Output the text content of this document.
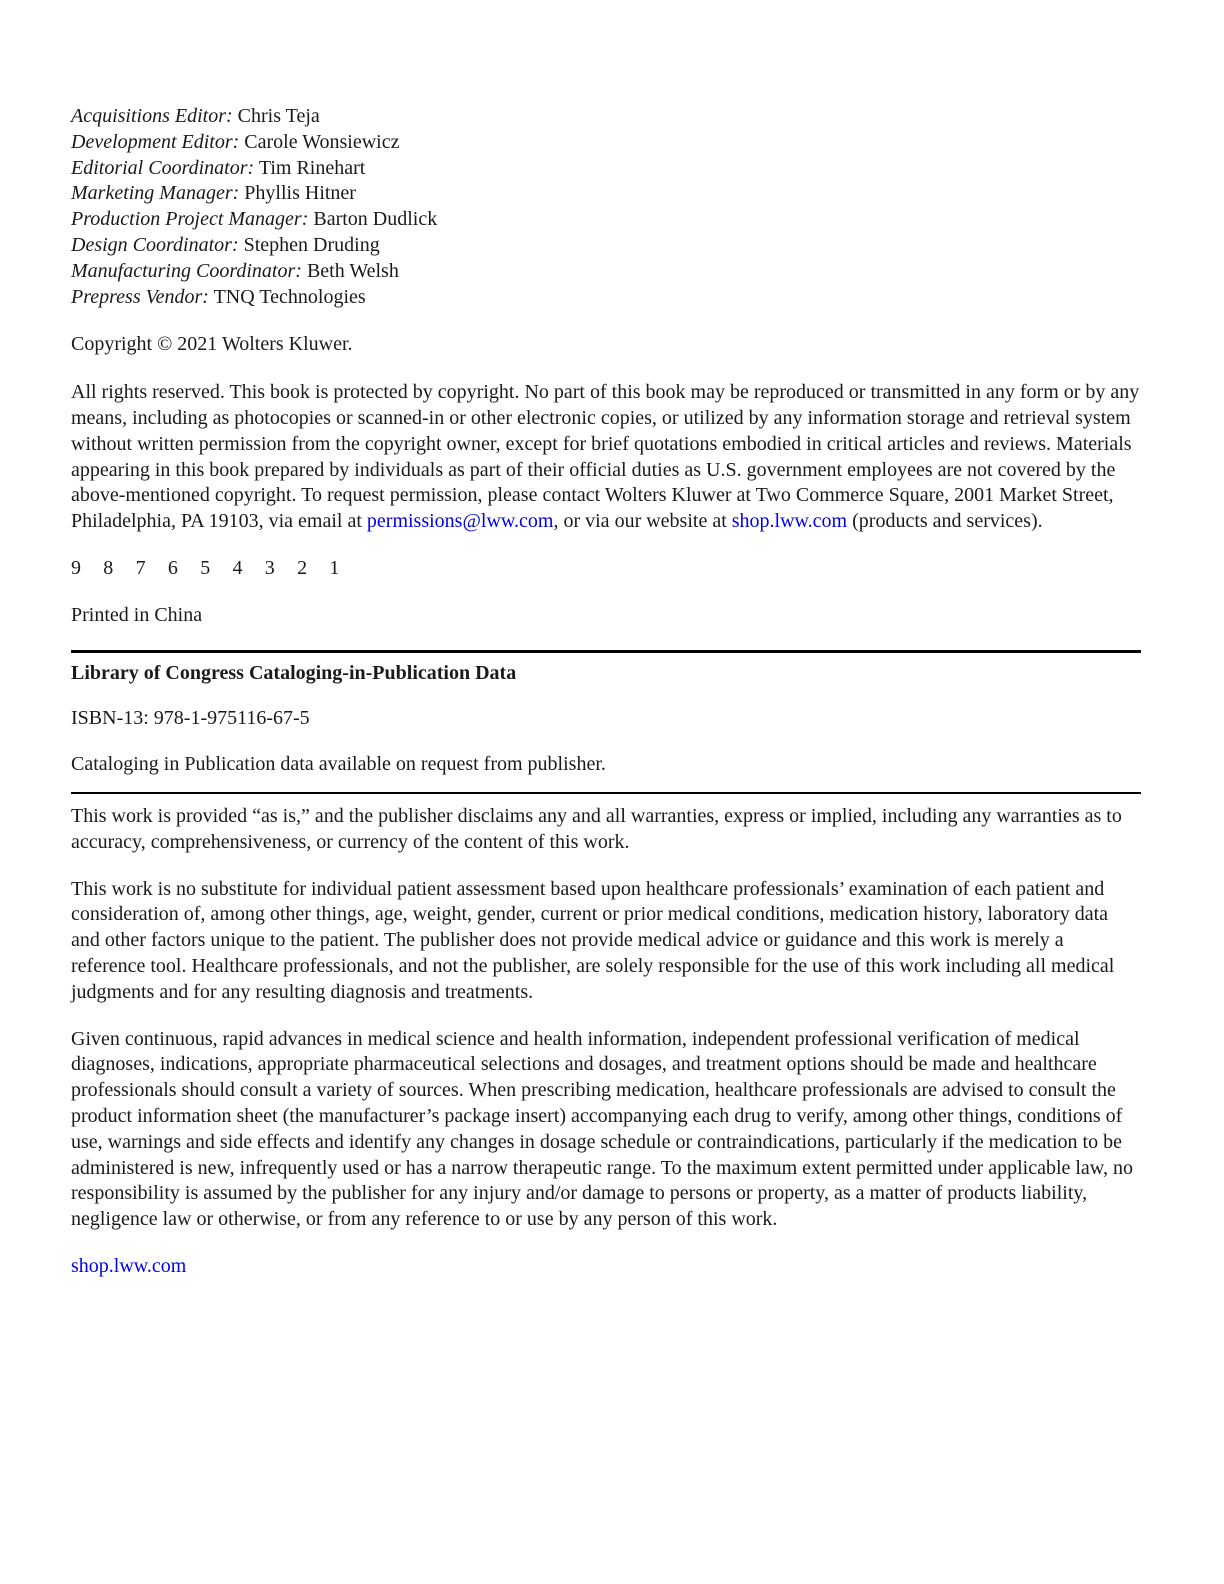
Acquisitions Editor: Chris Teja
Development Editor: Carole Wonsiewicz
Editorial Coordinator: Tim Rinehart
Marketing Manager: Phyllis Hitner
Production Project Manager: Barton Dudlick
Design Coordinator: Stephen Druding
Manufacturing Coordinator: Beth Welsh
Prepress Vendor: TNQ Technologies

Copyright © 2021 Wolters Kluwer.

All rights reserved. This book is protected by copyright. No part of this book may be reproduced or transmitted in any form or by any means, including as photocopies or scanned-in or other electronic copies, or utilized by any information storage and retrieval system without written permission from the copyright owner, except for brief quotations embodied in critical articles and reviews. Materials appearing in this book prepared by individuals as part of their official duties as U.S. government employees are not covered by the above-mentioned copyright. To request permission, please contact Wolters Kluwer at Two Commerce Square, 2001 Market Street, Philadelphia, PA 19103, via email at permissions@lww.com, or via our website at shop.lww.com (products and services).

9 8 7 6 5 4 3 2 1

Printed in China

Library of Congress Cataloging-in-Publication Data

ISBN-13: 978-1-975116-67-5

Cataloging in Publication data available on request from publisher.

This work is provided “as is,” and the publisher disclaims any and all warranties, express or implied, including any warranties as to accuracy, comprehensiveness, or currency of the content of this work.

This work is no substitute for individual patient assessment based upon healthcare professionals’ examination of each patient and consideration of, among other things, age, weight, gender, current or prior medical conditions, medication history, laboratory data and other factors unique to the patient. The publisher does not provide medical advice or guidance and this work is merely a reference tool. Healthcare professionals, and not the publisher, are solely responsible for the use of this work including all medical judgments and for any resulting diagnosis and treatments.

Given continuous, rapid advances in medical science and health information, independent professional verification of medical diagnoses, indications, appropriate pharmaceutical selections and dosages, and treatment options should be made and healthcare professionals should consult a variety of sources. When prescribing medication, healthcare professionals are advised to consult the product information sheet (the manufacturer’s package insert) accompanying each drug to verify, among other things, conditions of use, warnings and side effects and identify any changes in dosage schedule or contraindications, particularly if the medication to be administered is new, infrequently used or has a narrow therapeutic range. To the maximum extent permitted under applicable law, no responsibility is assumed by the publisher for any injury and/or damage to persons or property, as a matter of products liability, negligence law or otherwise, or from any reference to or use by any person of this work.

shop.lww.com
